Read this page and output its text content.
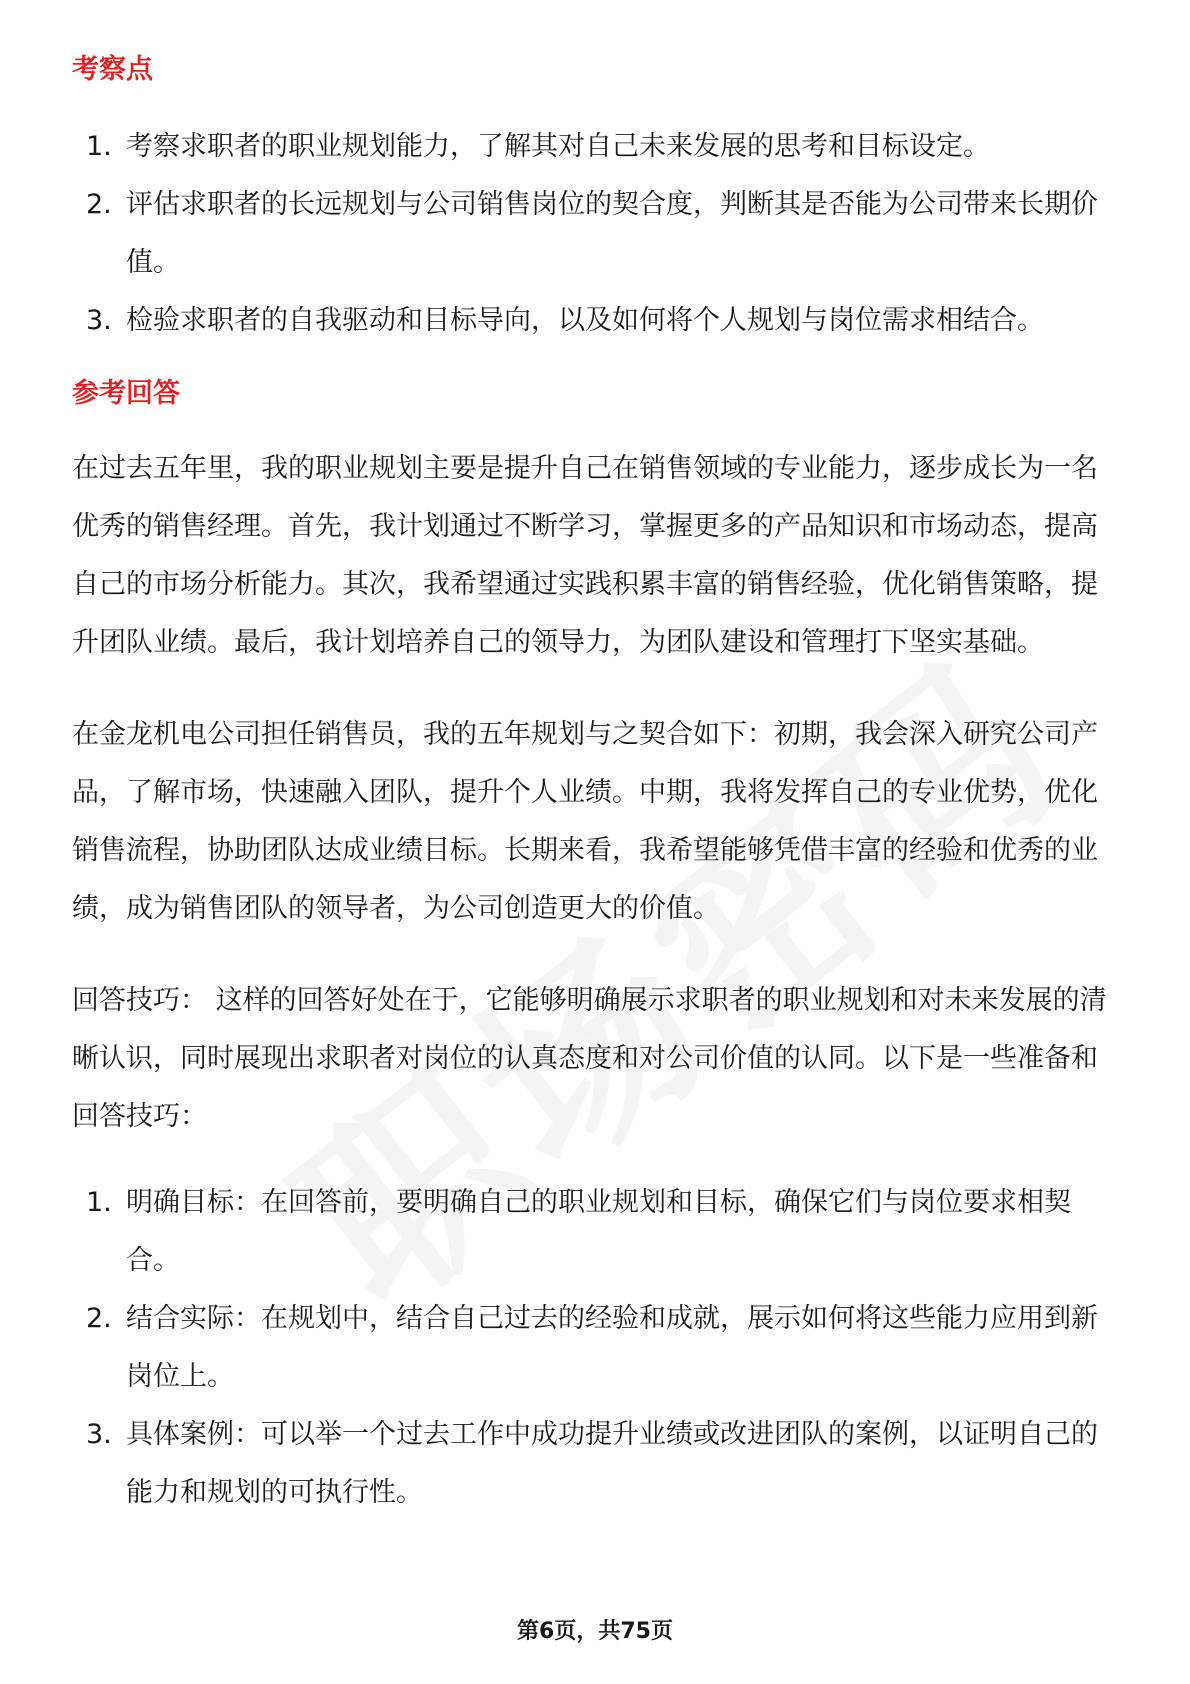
考察点
1. 考察求职者的职业规划能力，了解其对自己未来发展的思考和目标设定。
2. 评估求职者的长远规划与公司销售岗位的契合度，判断其是否能为公司带来长期价值。
3. 检验求职者的自我驱动和目标导向，以及如何将个人规划与岗位需求相结合。
参考回答

在过去五年里，我的职业规划主要是提升自己在销售领域的专业能力，逐步成长为一名优秀的销售经理。首先，我计划通过不断学习，掌握更多的产品知识和市场动态，提高自己的市场分析能力。其次，我希望通过实践积累丰富的销售经验，优化销售策略，提升团队业绩。最后，我计划培养自己的领导力，为团队建设和管理打下坚实基础。

在金龙机电公司担任销售员，我的五年规划与之契合如下：初期，我会深入研究公司产品，了解市场，快速融入团队，提升个人业绩。中期，我将发挥自己的专业优势，优化销售流程，协助团队达成业绩目标。长期来看，我希望能够凭借丰富的经验和优秀的业绩，成为销售团队的领导者，为公司创造更大的价值。

回答技巧： 这样的回答好处在于，它能够明确展示求职者的职业规划和对未来发展的清晰认识，同时展现出求职者对岗位的认真态度和对公司价值的认同。以下是一些准备和回答技巧：

1. 明确目标：在回答前，要明确自己的职业规划和目标，确保它们与岗位要求相契合。
2. 结合实际：在规划中，结合自己过去的经验和成就，展示如何将这些能力应用到新岗位上。
3. 具体案例：可以举一个过去工作中成功提升业绩或改进团队的案例，以证明自己的能力和规划的可执行性。
第6页，共75页
